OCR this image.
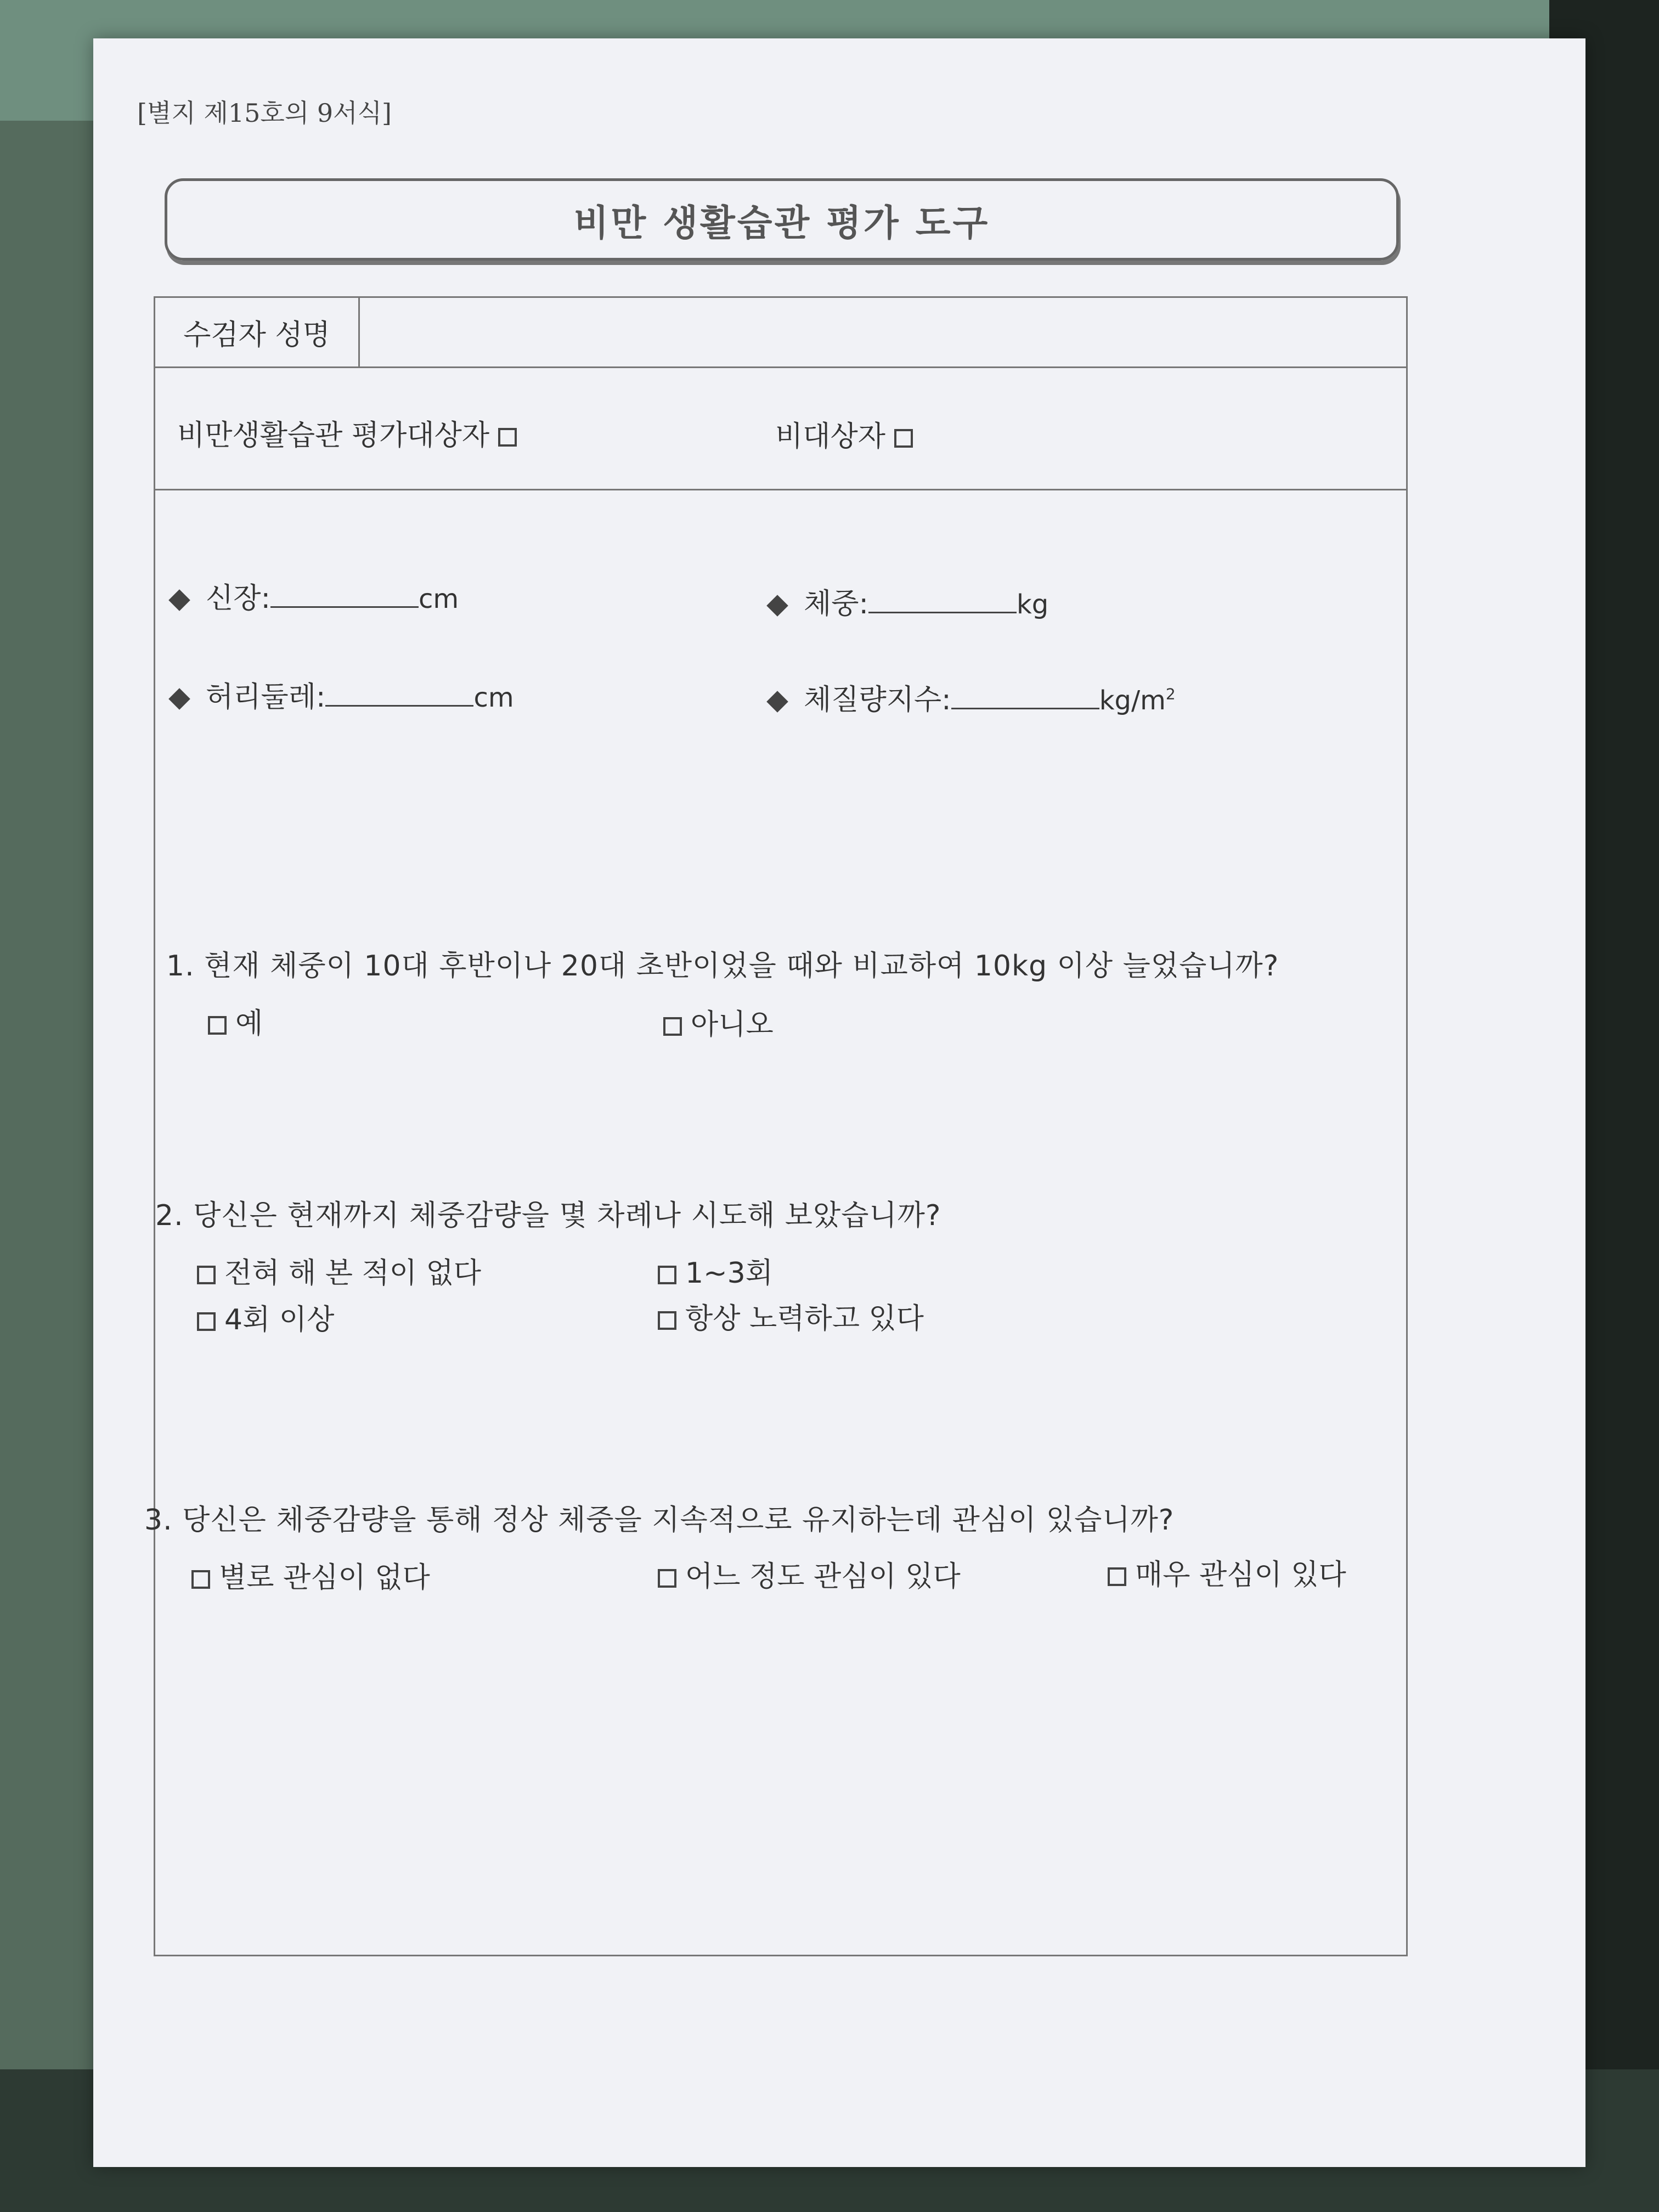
[별지 제15호의 9서식]
비만 생활습관 평가 도구
수검자 성명
비만생활습관 평가대상자	비대상자
신장:	cm	체중:	kg
허리둘레:	cm	체질량지수:	$kg/m^2$
1. 현재 체중이 10대 후반이나 20대 초반이었을 때와 비교하여 10kg 이상 늘었습니까?
예	아니오
2. 당신은 현재까지 체중감량을 몇 차례나 시도해 보았습니까?
전혀 해 본 적이 없다	1~3회
4회 이상	항상 노력하고 있다
3. 당신은 체중감량을 통해 정상 체중을 지속적으로 유지하는데 관심이 있습니까?
별로 관심이 없다	어느 정도 관심이 있다	매우 관심이 있다
